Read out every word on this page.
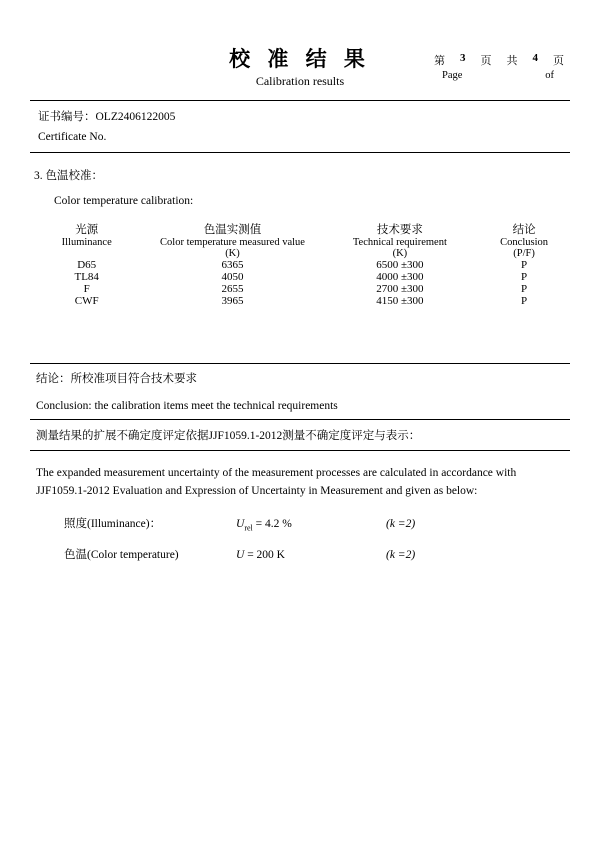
校 准 结 果
Calibration results
第 3 页 共 4 页
Page	of
证书编号：OLZ2406122005
Certificate No.
3. 色温校准：
Color temperature calibration:
光源	色温实测值	技术要求	结论
Illuminance	Color temperature measured value	Technical requirement	Conclusion
	(K)	(K)	(P/F)
D65	6365	6500 ±300	P
TL84	4050	4000 ±300	P
F	2655	2700 ±300	P
CWF	3965	4150 ±300	P
结论：所校准项目符合技术要求
Conclusion: the calibration items meet the technical requirements
测量结果的扩展不确定度评定依据JJF1059.1-2012测量不确定度评定与表示：
The expanded measurement uncertainty of the measurement processes are calculated in accordance with
JJF1059.1-2012 Evaluation and Expression of Uncertainty in Measurement and given as below:
照度(Illuminance)：	$U_{rel} = 4.2$ %	(k =2)
色温(Color temperature)	U = 200 K	(k =2)
